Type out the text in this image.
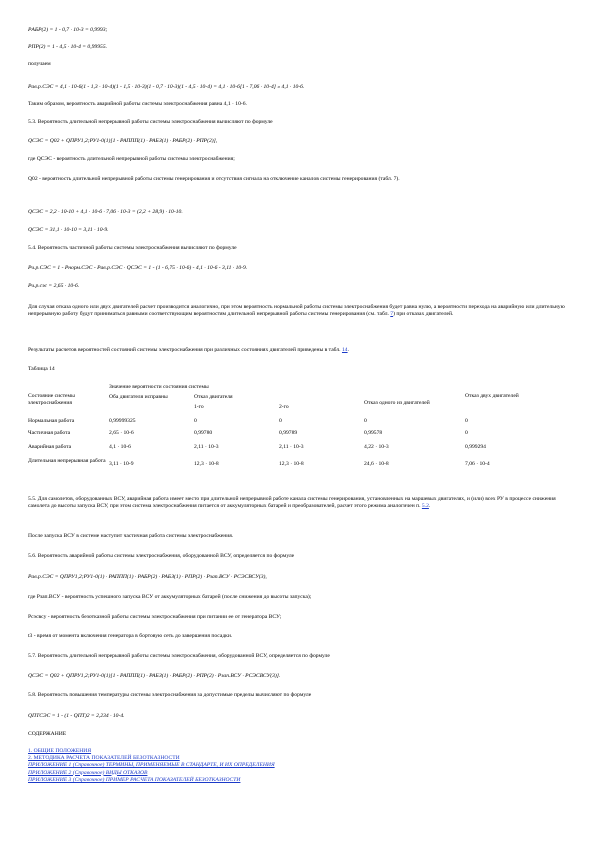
PАБР(2) = 1 - 0,7 · 10-3 = 0,9993;
PПР(2) = 1 - 4,5 · 10-4 = 0,99955.
получаем
Pав.р.СЭС = 4,1 · 10-6(1 - 1,3 · 10-4)(1 - 1,5 · 10-3)(1 - 0,7 · 10-3)(1 - 4,5 · 10-4) = 4,1 · 10-6[1 - 7,06 · 10-4] » 4,1 · 10-6.
Таким образом, вероятность аварийной работы системы электроснабжения равна 4,1 · 10-6.
5.3. Вероятность длительной непрерывной работы системы электроснабжения вычисляют по формуле
QСЭС = Q02 + QПРУ1,2;РУ1-0(1)[1 - РАППП(1) · РАБЗ(1) · РАБР(2) · РПР(2)],
где QСЭС - вероятность длительной непрерывной работы системы электроснабжения;
Q02 - вероятность длительной непрерывной работы системы генерирования и отсутствия сигнала на отключение каналов системы генерирования (табл. 7).
QСЭС = 2,2 · 10-10 + 4,1 · 10-6 · 7,06 · 10-3 = (2,2 + 28,9) · 10-10.
QСЭС = 31,1 · 10-10 = 3,11 · 10-9.
5.4. Вероятность частичной работы системы электроснабжения вычисляют по формуле
Pч.р.СЭС = 1 - Pнорм.СЭС - Pав.р.СЭС · QСЭС = 1 - (1 - 6,75 · 10-6) - 4,1 · 10-6 - 3,11 · 10-9.
Pч.р.сэс = 2,65 · 10-6.
Для случая отказа одного или двух двигателей расчет производится аналогично, при этом вероятность нормальной работы системы электроснабжения будет равна нулю, а вероятности перехода на аварийную или длительную непрерывную работу будут приниматься равными соответствующим вероятностям длительной непрерывной работы системы генерирования (см. табл. 7) при отказах двигателей.
Результаты расчетов вероятностей состояний системы электроснабжения при различных состояниях двигателей приведены в табл. 14.
Таблица 14
Состояние системы электроснабжения	Значение вероятности состояния системы				Отказ двух двигателей
	Оба двигателя исправны	Отказ двигателя		Отказ одного из двигателей	
		1-го	2-го		
Нормальная работа	0,99999325	0	0	0	0
Частичная работа	2,65 · 10-6	0,99780	0,99789	0,99578	0
Аварийная работа	4,1 · 10-6	2,11 · 10-3	2,11 · 10-3	4,22 · 10-3	0,999294
Длительная непрерывная работа	3,11 · 10-9	12,3 · 10-8	12,3 · 10-8	24,6 · 10-8	7,06 · 10-4
5.5. Для самолетов, оборудованных ВСУ, аварийная работа имеет место при длительной непрерывной работе канала системы генерирования, установленных на маршевых двигателях, и (или) всех РУ в процессе снижения самолета до высоты запуска ВСУ, при этом система электроснабжения питается от аккумуляторных батарей и преобразователей, расчет этого режима аналогичен п. 5.2.
После запуска ВСУ в системе наступит частичная работа системы электроснабжения.
5.6. Вероятность аварийной работы системы электроснабжения, оборудованной ВСУ, определяется по формуле
Pав.р.СЭС = QПРУ1,2;РУ1-0(1) · РАППП(1) · РАБР(2) · РАБЗ(1) · РПР(2) · Рзап.ВСУ · РСЭСВСУ(3),
где Рзап.ВСУ - вероятность успешного запуска ВСУ от аккумуляторных батарей (после снижения до высоты запуска);
Рсэсвсу - вероятность безотказной работы системы электроснабжения при питании ее от генератора ВСУ;
t3 - время от момента включения генератора в бортовую сеть до завершения посадки.
5.7. Вероятность длительной непрерывной работы системы электроснабжения, оборудованной ВСУ, определяется по формуле
QСЭС = Q02 + QПРУ1,2;РУ1-0(1)[1 - РАППП(1) · РАБЗ(1) · РАБР(2) · РПР(2) · Рзап.ВСУ · РСЭСВСУ(3)].
5.8. Вероятность повышения температуры системы электроснабжения за допустимые пределы вычисляют по формуле
QПТСЭС = 1 - (1 - QПТ)2 = 2,234 · 10-4.
СОДЕРЖАНИЕ
1. ОБЩИЕ ПОЛОЖЕНИЯ
2. МЕТОДИКА РАСЧЕТА ПОКАЗАТЕЛЕЙ БЕЗОТКАЗНОСТИ
ПРИЛОЖЕНИЕ 1 (Справочное) ТЕРМИНЫ, ПРИМЕНЯЕМЫЕ В СТАНДАРТЕ, И ИХ ОПРЕДЕЛЕНИЯ
ПРИЛОЖЕНИЕ 2 (Справочное) ВИДЫ ОТКАЗОВ
ПРИЛОЖЕНИЕ 3 (Справочное) ПРИМЕР РАСЧЕТА ПОКАЗАТЕЛЕЙ БЕЗОТКАЗНОСТИ
